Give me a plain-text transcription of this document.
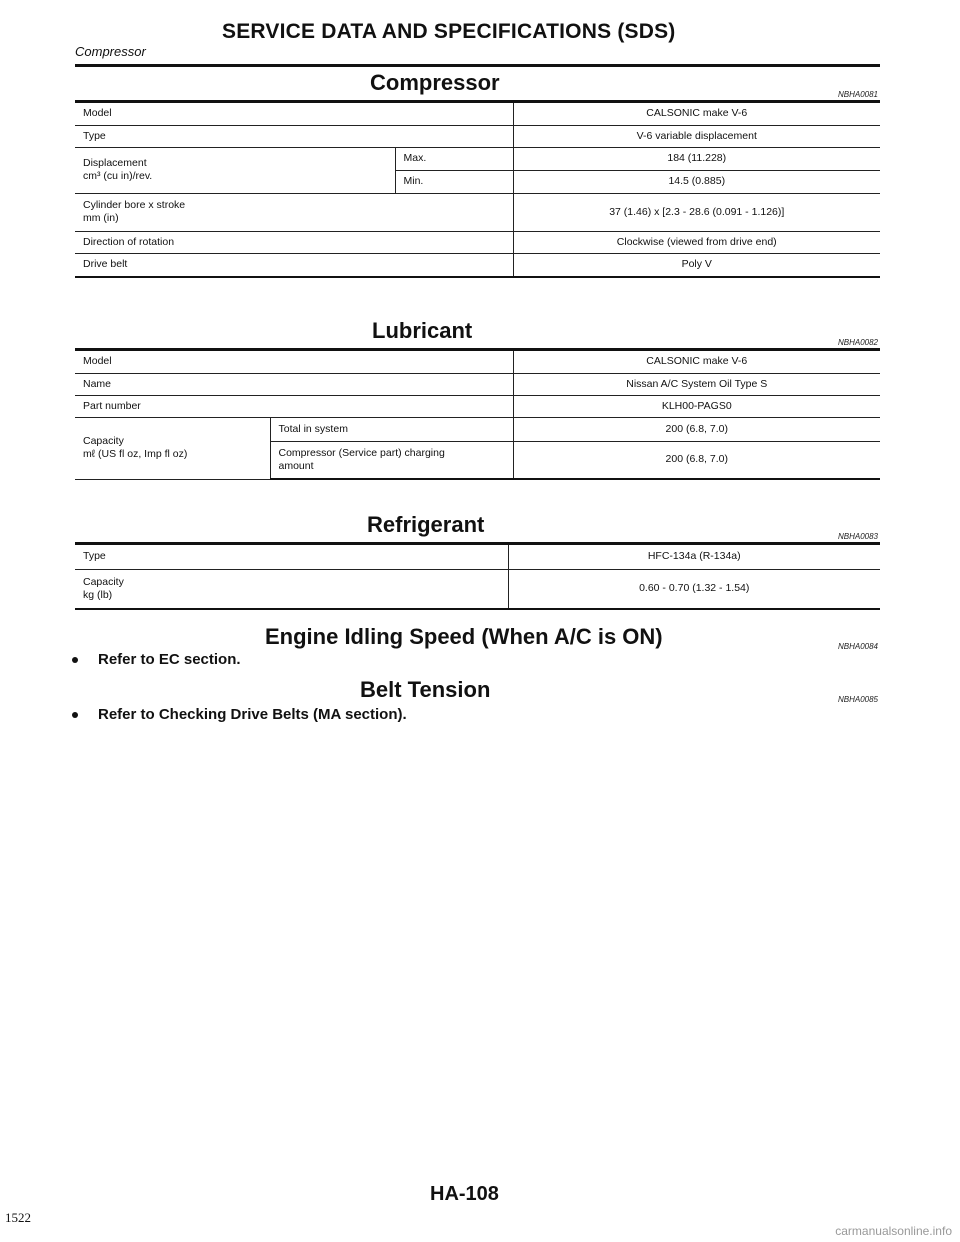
SERVICE DATA AND SPECIFICATIONS (SDS)
Compressor
Compressor	NBHA0081
Model		CALSONIC make V-6
Type		V-6 variable displacement

Displacement
cm³ (cu in)/rev.	Max.	184 (11.228)
	Min.	14.5 (0.885)

Cylinder bore x stroke
mm (in)		37 (1.46) x [2.3 - 28.6 (0.091 - 1.126)]
Direction of rotation		Clockwise (viewed from drive end)
Drive belt		Poly V
Lubricant	NBHA0082
Model		CALSONIC make V-6
Name		Nissan A/C System Oil Type S
Part number		KLH00-PAGS0

Capacity
mℓ (US fl oz, Imp fl oz)	Total in system	200 (6.8, 7.0)

	Compressor (Service part) charging
amount	200 (6.8, 7.0)
Refrigerant	NBHA0083
Type	HFC-134a (R-134a)

Capacity
kg (lb)	0.60 - 0.70 (1.32 - 1.54)
Engine Idling Speed (When A/C is ON)	NBHA0084
Refer to EC section.
Belt Tension	NBHA0085
Refer to Checking Drive Belts (MA section).
HA-108
1522
carmanualsonline.info
